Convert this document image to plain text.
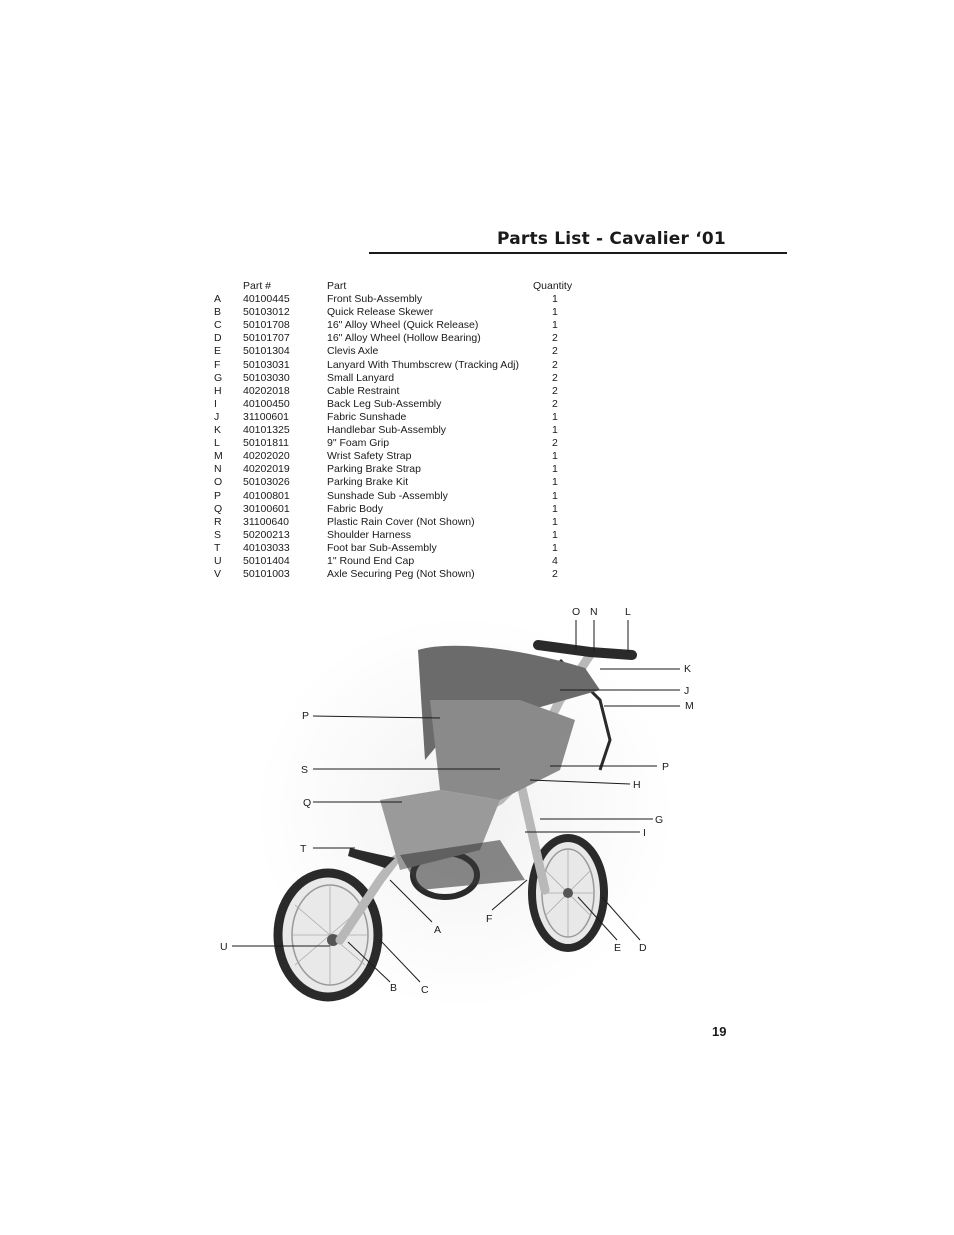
Parts List - Cavalier ‘01
Part #	Part	Quantity
A 40100445	Front Sub-Assembly	1
B 50103012	Quick Release Skewer	1
C 50101708	16" Alloy Wheel (Quick Release)	1
D 50101707	16" Alloy Wheel (Hollow Bearing)	2
E 50101304	Clevis Axle	2
F 50103031	Lanyard With Thumbscrew (Tracking Adj)	2
G 50103030	Small Lanyard	2
H 40202018	Cable Restraint	2
I 40100450	Back Leg Sub-Assembly	2
J 31100601	Fabric Sunshade	1
K 40101325	Handlebar Sub-Assembly	1
L 50101811	9" Foam Grip	2
M 40202020	Wrist Safety Strap	1
N 40202019	Parking Brake Strap	1
O 50103026	Parking Brake Kit	1
P 40100801	Sunshade Sub -Assembly	1
Q 30100601	Fabric Body	1
R 31100640	Plastic Rain Cover (Not Shown)	1
S 50200213	Shoulder Harness	1
T 40103033	Foot bar Sub-Assembly	1
U 50101404	1" Round End Cap	4
V 50101003	Axle Securing Peg (Not Shown)	2
O N	L
K
J
M
P
P
S
H
Q
G
I
T
A
F
U	E D
B C
19
